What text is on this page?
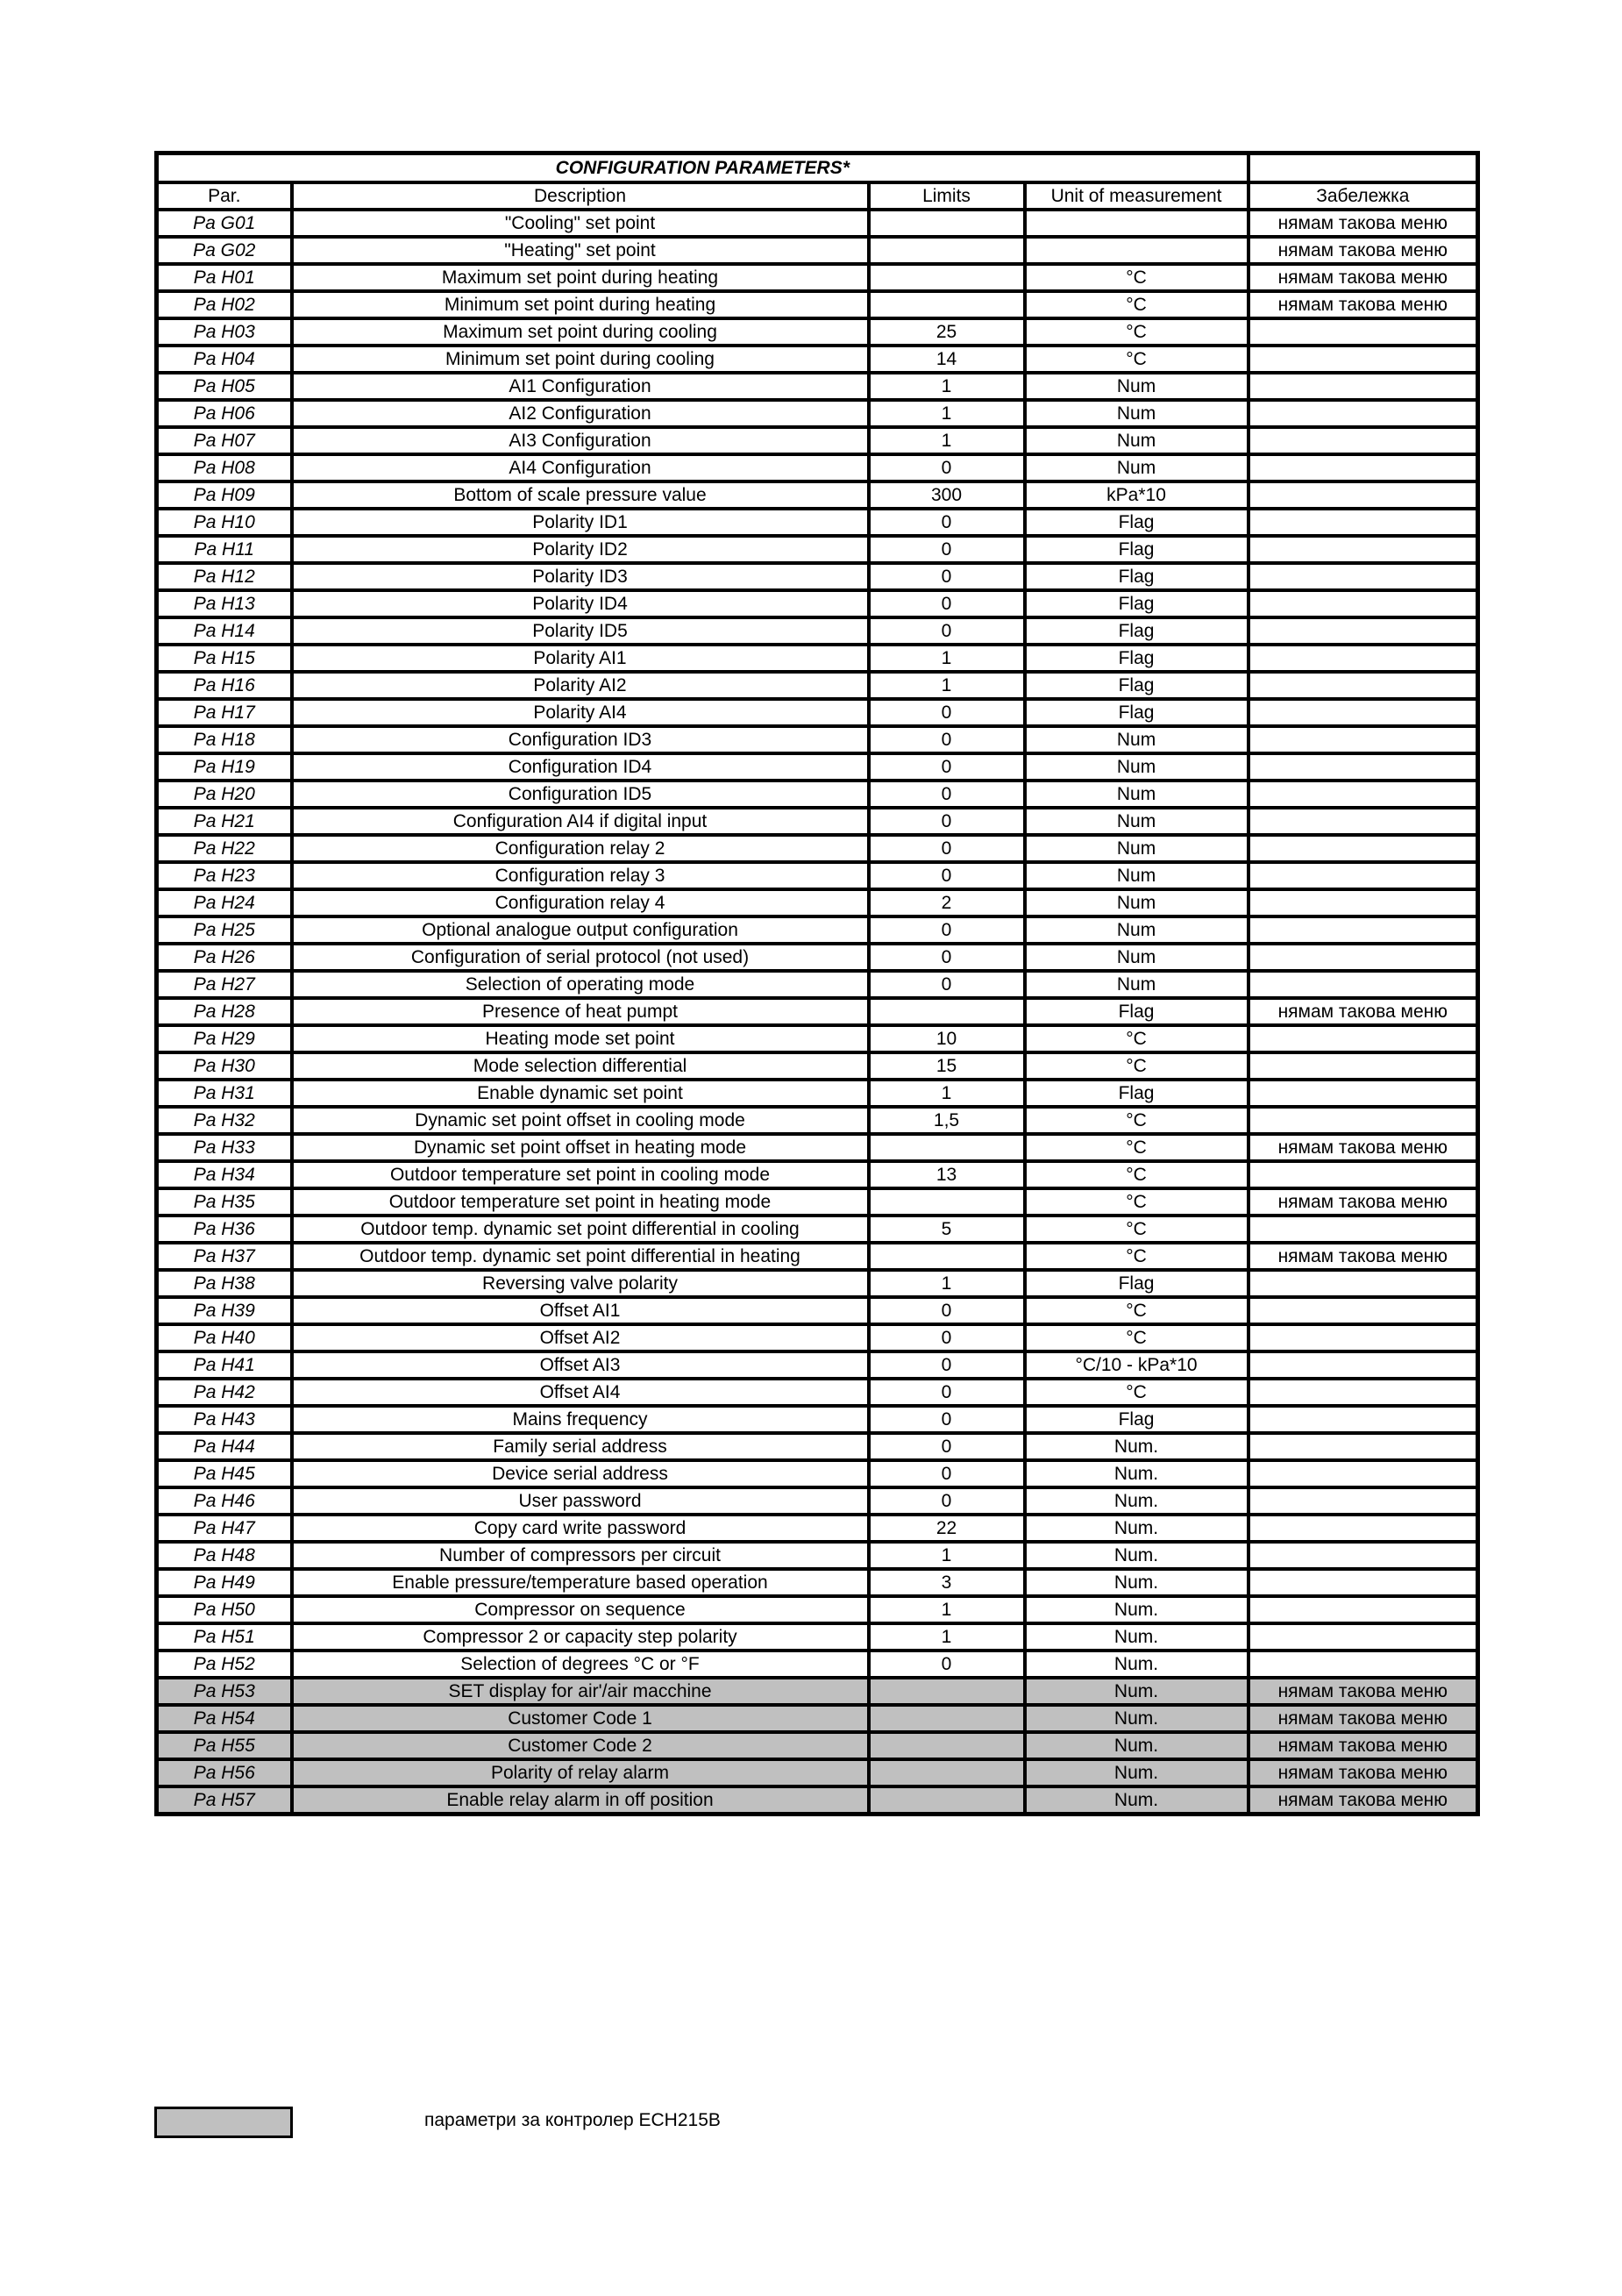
CONFIGURATION PARAMETERS*				
Par.	Description	Limits	Unit of measurement	Забележка
Pa G01	"Cooling" set point			нямам такова меню
Pa G02	"Heating" set point			нямам такова меню
Pa H01	Maximum set point during heating		°C	нямам такова меню
Pa H02	Minimum set point during heating		°C	нямам такова меню
Pa H03	Maximum set point during cooling	25	°C	
Pa H04	Minimum set point during cooling	14	°C	
Pa H05	AI1 Configuration	1	Num	
Pa H06	AI2 Configuration	1	Num	
Pa H07	AI3 Configuration	1	Num	
Pa H08	AI4 Configuration	0	Num	
Pa H09	Bottom of scale pressure value	300	kPa*10	
Pa H10	Polarity ID1	0	Flag	
Pa H11	Polarity ID2	0	Flag	
Pa H12	Polarity ID3	0	Flag	
Pa H13	Polarity ID4	0	Flag	
Pa H14	Polarity ID5	0	Flag	
Pa H15	Polarity AI1	1	Flag	
Pa H16	Polarity AI2	1	Flag	
Pa H17	Polarity AI4	0	Flag	
Pa H18	Configuration ID3	0	Num	
Pa H19	Configuration ID4	0	Num	
Pa H20	Configuration ID5	0	Num	
Pa H21	Configuration AI4 if digital input	0	Num	
Pa H22	Configuration relay 2	0	Num	
Pa H23	Configuration relay 3	0	Num	
Pa H24	Configuration relay 4	2	Num	
Pa H25	Optional analogue output configuration	0	Num	
Pa H26	Configuration of serial protocol (not used)	0	Num	
Pa H27	Selection of operating mode	0	Num	
Pa H28	Presence of heat pumpt		Flag	нямам такова меню
Pa H29	Heating mode set point	10	°C	
Pa H30	Mode selection differential	15	°C	
Pa H31	Enable dynamic set point	1	Flag	
Pa H32	Dynamic set point offset in cooling mode	1,5	°C	
Pa H33	Dynamic set point offset in heating mode		°C	нямам такова меню
Pa H34	Outdoor temperature set point in cooling mode	13	°C	
Pa H35	Outdoor temperature set point in heating mode		°C	нямам такова меню
Pa H36	Outdoor temp. dynamic set point differential in cooling	5	°C	
Pa H37	Outdoor temp. dynamic set point differential in heating		°C	нямам такова меню
Pa H38	Reversing valve polarity	1	Flag	
Pa H39	Offset AI1	0	°C	
Pa H40	Offset AI2	0	°C	
Pa H41	Offset AI3	0	°C/10 - kPa*10	
Pa H42	Offset AI4	0	°C	
Pa H43	Mains frequency	0	Flag	
Pa H44	Family serial address	0	Num.	
Pa H45	Device serial address	0	Num.	
Pa H46	User password	0	Num.	
Pa H47	Copy card write password	22	Num.	
Pa H48	Number of compressors per circuit	1	Num.	
Pa H49	Enable pressure/temperature based operation	3	Num.	
Pa H50	Compressor on sequence	1	Num.	
Pa H51	Compressor 2 or capacity step polarity	1	Num.	
Pa H52	Selection of degrees °C or °F	0	Num.	
Pa H53	SET display for air'/air macchine		Num.	нямам такова меню
Pa H54	Customer Code 1		Num.	нямам такова меню
Pa H55	Customer Code 2		Num.	нямам такова меню
Pa H56	Polarity of relay alarm		Num.	нямам такова меню
Pa H57	Enable relay alarm in off position		Num.	нямам такова меню
параметри за контролер ECH215B
